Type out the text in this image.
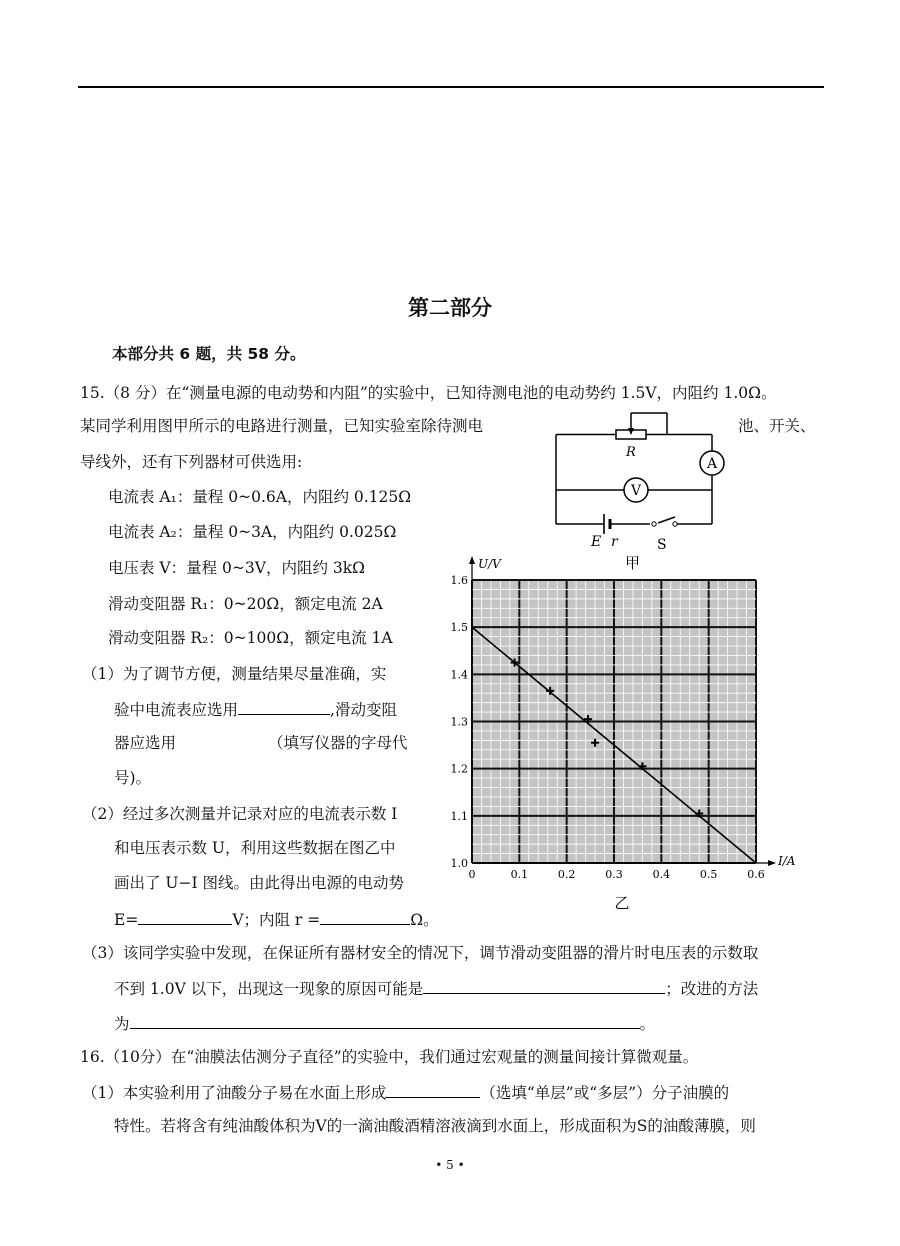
第二部分
本部分共 6 题，共 58 分。
15.（8 分）在“测量电源的电动势和内阻”的实验中，已知待测电池的电动势约 1.5V，内阻约 1.0Ω。
某同学利用图甲所示的电路进行测量，已知实验室除待测电	池、开关、
导线外，还有下列器材可供选用:
电流表 A₁：量程 0~0.6A，内阻约 0.125Ω
电流表 A₂：量程 0~3A，内阻约 0.025Ω
电压表 V：量程 0~3V，内阻约 3kΩ
滑动变阻器 R₁：0~20Ω，额定电流 2A
滑动变阻器 R₂：0~100Ω，额定电流 1A
（1）为了调节方便，测量结果尽量准确，实
验中电流表应选用	,滑动变阻
器应选用	（填写仪器的字母代
号)。
（2）经过多次测量并记录对应的电流表示数 I
和电压表示数 U，利用这些数据在图乙中
画出了 U−I 图线。由此得出电源的电动势
E=	V；内阻 r =	Ω。
（3）该同学实验中发现，在保证所有器材安全的情况下，调节滑动变阻器的滑片时电压表的示数取
不到 1.0V 以下，出现这一现象的原因可能是	；改进的方法
为	。
16.（10分）在“油膜法估测分子直径”的实验中，我们通过宏观量的测量间接计算微观量。
（1）本实验利用了油酸分子易在水面上形成	（选填“单层”或“多层”）分子油膜的
特性。若将含有纯油酸体积为V的一滴油酸酒精溶液滴到水面上，形成面积为S的油酸薄膜，则
R
A
V
E r	S
甲
0	0.1	0.2	0.3	0.4	0.5	0.6
1.0
1.1
1.2
1.3
1.4
1.5
1.6
U/V
I/A
乙
• 5 •
